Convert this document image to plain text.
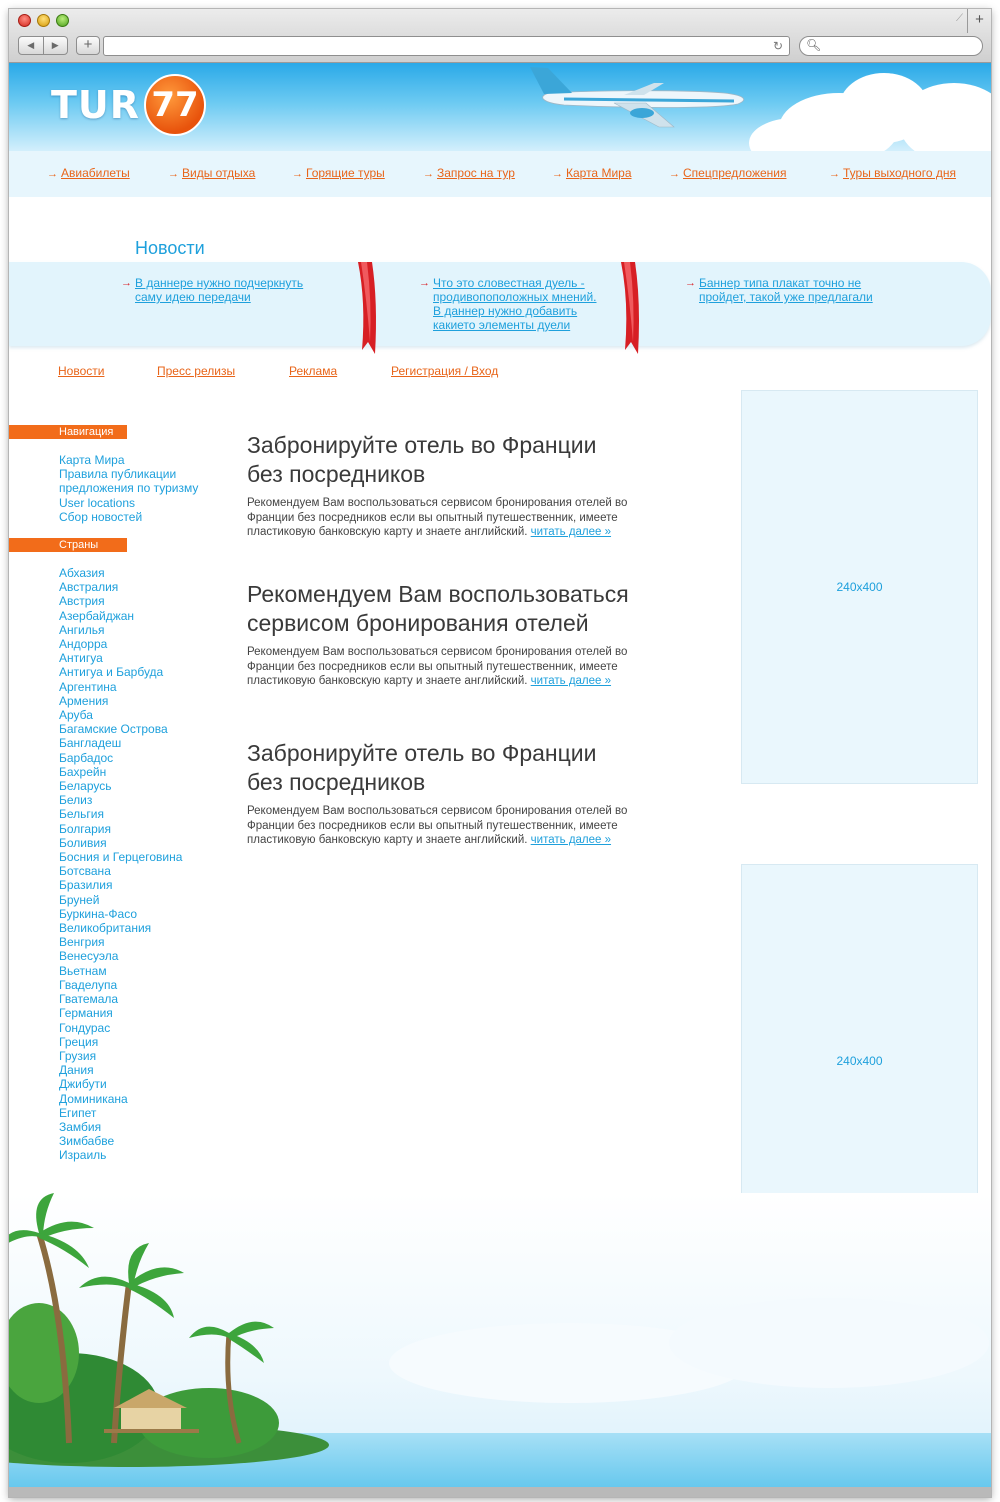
◀	▶	+	↻ 🔍︎
⟋ +
TUR 77
→ Авиабилеты	→ Виды отдыха	→ Горящие туры	→ Запрос на тур	→ Карта Мира	→ Спецпредложения	→ Туры выходного дня
Новости
→ В даннере нужно подчеркнуть
саму идею передачи
→ Что это словестная дуель -
продивопоположных мнений.
В даннер нужно добавить
какието элементы дуели
→ Баннер типа плакат точно не
пройдет, такой уже предлагали
Новости	Пресс релизы	Реклама	Регистрация / Вход
Навигация
Карта Мира
Правила публикации
предложения по туризму
User locations
Сбор новостей
Страны
Абхазия
Австралия
Австрия
Азербайджан
Ангилья
Андорра
Антигуа
Антигуа и Барбуда
Аргентина
Армения
Аруба
Багамские Острова
Бангладеш
Барбадос
Бахрейн
Беларусь
Белиз
Бельгия
Болгария
Боливия
Босния и Герцеговина
Ботсвана
Бразилия
Бруней
Буркина-Фасо
Великобритания
Венгрия
Венесуэла
Вьетнам
Гваделупа
Гватемала
Германия
Гондурас
Греция
Грузия
Дания
Джибути
Доминикана
Египет
Замбия
Зимбабве
Израиль
Забронируйте отель во Франции
без посредников

Рекомендуем Вам воспользоваться сервисом бронирования отелей во Франции без посредников если вы опытный путешественник, имеете пластиковую банковскую карту и знаете английский. читать далее »

Рекомендуем Вам воспользоваться
сервисом бронирования отелей

Рекомендуем Вам воспользоваться сервисом бронирования отелей во Франции без посредников если вы опытный путешественник, имеете пластиковую банковскую карту и знаете английский. читать далее »

Забронируйте отель во Франции
без посредников

Рекомендуем Вам воспользоваться сервисом бронирования отелей во Франции без посредников если вы опытный путешественник, имеете пластиковую банковскую карту и знаете английский. читать далее »

240x400
240x400
